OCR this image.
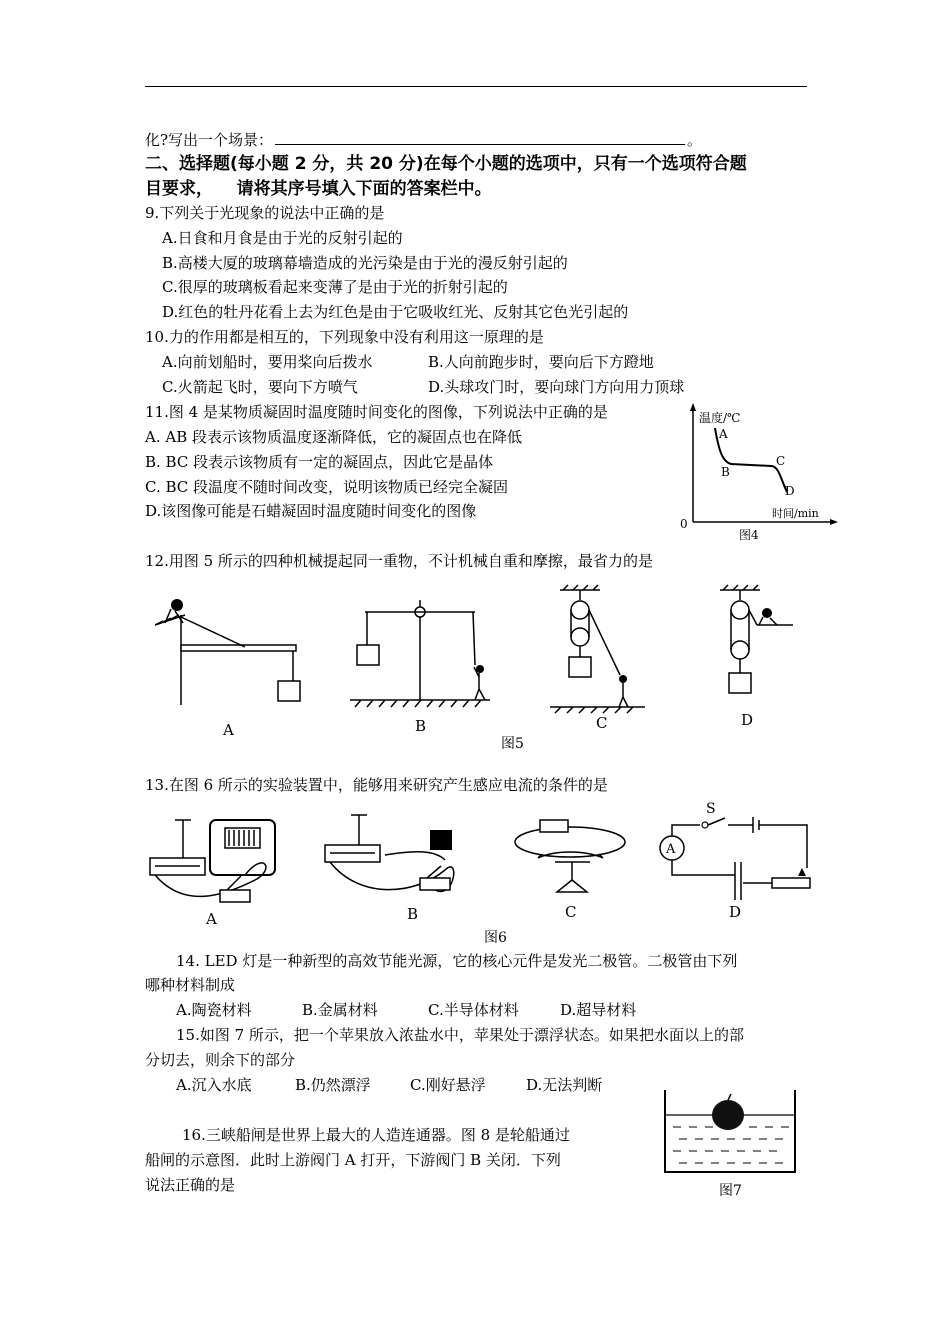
化?写出一个场景：	。
二、选择题(每小题 2 分，共 20 分)在每个小题的选项中，只有一个选项符合题
目要求，    请将其序号填入下面的答案栏中。
9.下列关于光现象的说法中正确的是
A.日食和月食是由于光的反射引起的
B.高楼大厦的玻璃幕墙造成的光污染是由于光的漫反射引起的
C.很厚的玻璃板看起来变薄了是由于光的折射引起的
D.红色的牡丹花看上去为红色是由于它吸收红光、反射其它色光引起的
10.力的作用都是相互的，下列现象中没有利用这一原理的是
A.向前划船时，要用桨向后拨水	B.人向前跑步时，要向后下方蹬地
C.火箭起飞时，要向下方喷气	D.头球攻门时，要向球门方向用力顶球
11.图 4 是某物质凝固时温度随时间变化的图像，下列说法中正确的是
A. AB 段表示该物质温度逐渐降低，它的凝固点也在降低
B. BC 段表示该物质有一定的凝固点，因此它是晶体
C. BC 段温度不随时间改变，说明该物质已经完全凝固
D.该图像可能是石蜡凝固时温度随时间变化的图像
温度/℃
A
B
C
D
时间/min
0
图4
12.用图 5 所示的四种机械提起同一重物，不计机械自重和摩擦，最省力的是
A	B	C	D
图5
13.在图 6 所示的实验装置中，能够用来研究产生感应电流的条件的是
A	B	C
A
S
D
图6
14. LED 灯是一种新型的高效节能光源，它的核心元件是发光二极管。二极管由下列
哪种材料制成
A.陶瓷材料	B.金属材料	C.半导体材料	D.超导材料
15.如图 7 所示，把一个苹果放入浓盐水中，苹果处于漂浮状态。如果把水面以上的部
分切去，则余下的部分
A.沉入水底	B.仍然漂浮	C.刚好悬浮	D.无法判断
图7
16.三峡船闸是世界上最大的人造连通器。图 8 是轮船通过
船闸的示意图．此时上游阀门 A 打开，下游阀门 B 关闭．下列
说法正确的是
